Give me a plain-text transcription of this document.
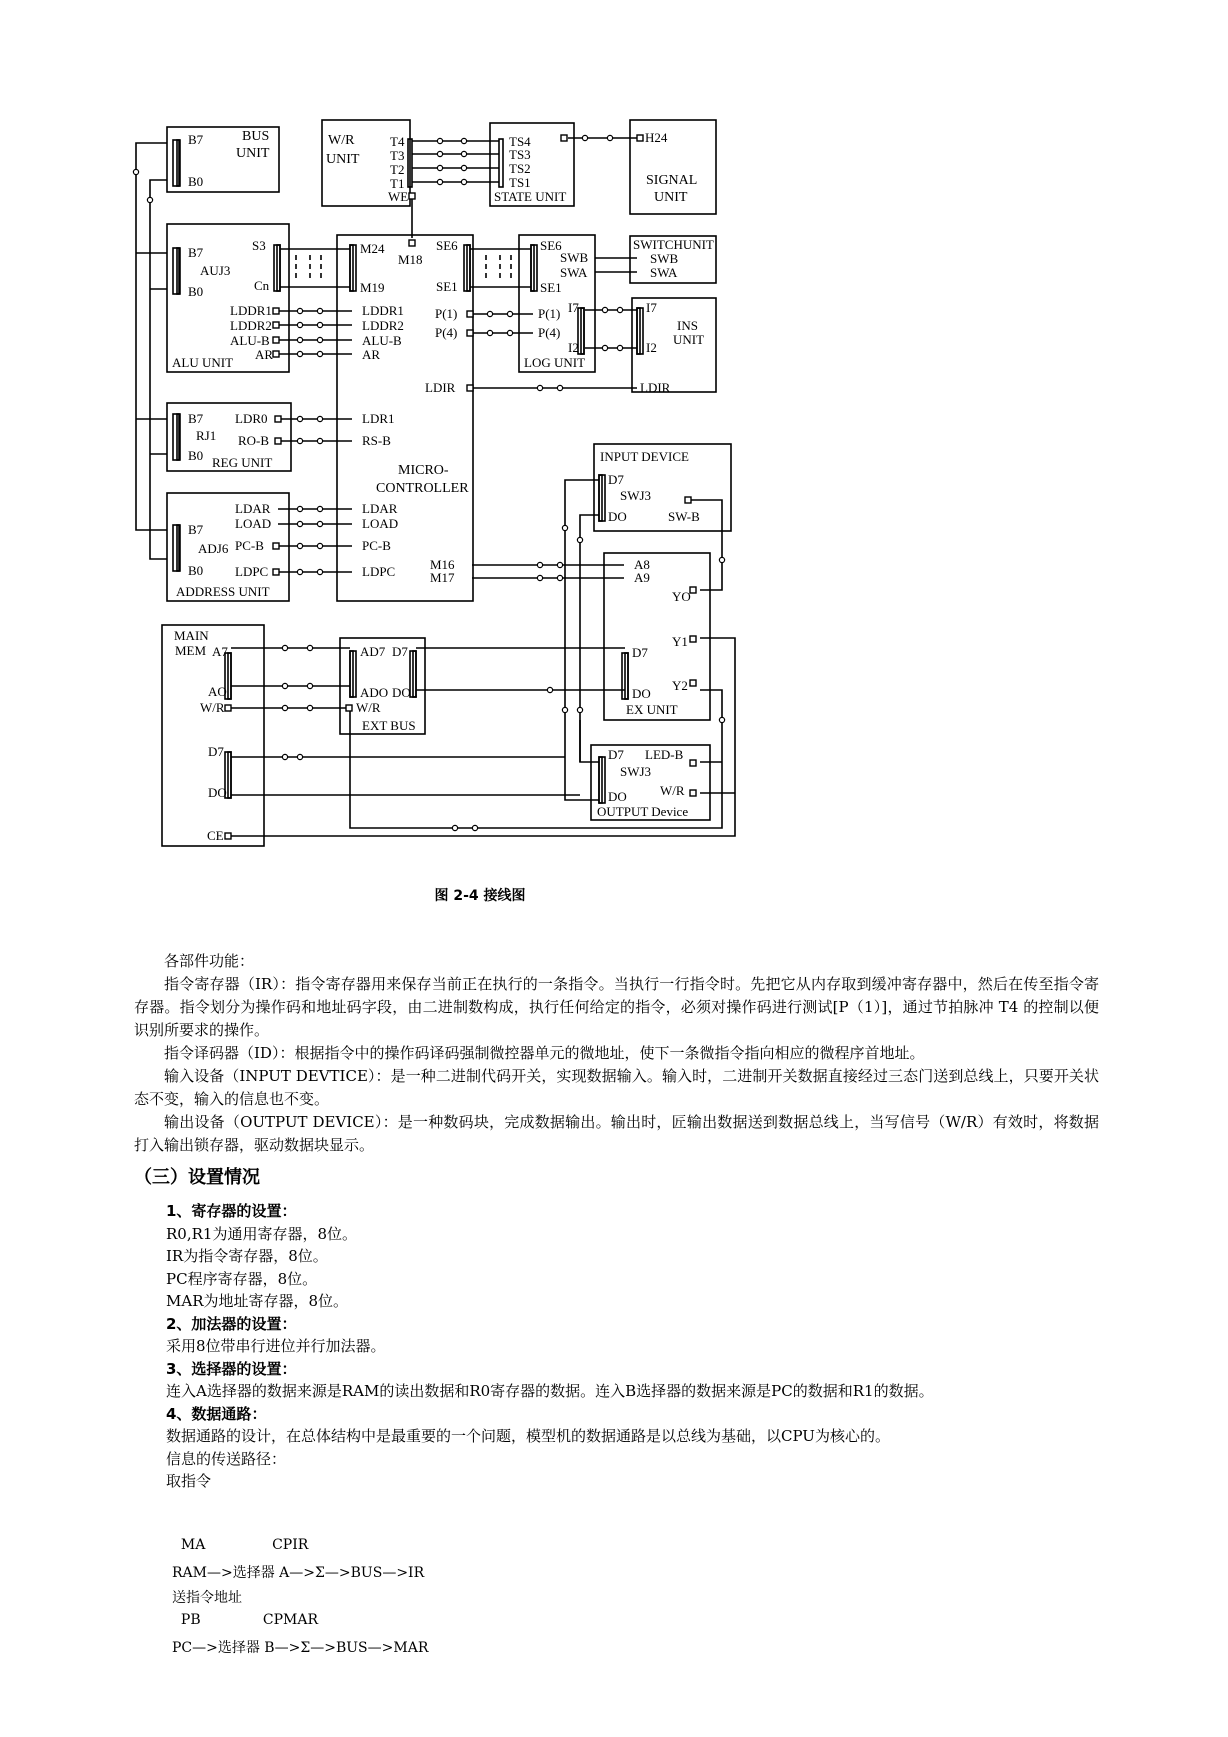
BUS
UNIT
W/R
UNIT
STATE UNIT
SIGNAL
UNIT
ALU UNIT
SWITCHUNIT
INS
UNIT
LOG UNIT
REG UNIT
MICRO-
CONTROLLER
INPUT DEVICE
ADDRESS UNIT
EX UNIT
MAIN
MEM
EXT BUS
OUTPUT Device
B7
B0
T4
T3
T2
T1
WE
TS4
TS3
TS2
TS1
H24
B7
AUJ3
B0
S3
Cn
M24
M19
M18
SE6
SE1
SE6
SE1
SWB
SWA
SWB
SWA
LDDR1
LDDR2
ALU-B
AR
LDDR1
LDDR2
ALU-B
AR
P(1)
P(4)
P(1)
P(4)
I7
I2
I7
I2
LDIR	LDIR
B7
RJ1
B0
LDR0
RO-B
LDR1
RS-B
D7
SWJ3
DO	SW-B
LDAR
LOAD
PC-B
LDPC
LDAR
LOAD
PC-B
LDPC
B7
ADJ6
B0	M16
M17
A8
A9
YO
Y1
Y2
D7
DO
A7
AO
W/R
AD7
ADO
D7
DO
W/R
D7
DO
CE
D7
SWJ3
DO
LED-B
W/R
图 2-4 接线图

各部件功能：

指令寄存器（IR）：指令寄存器用来保存当前正在执行的一条指令。当执行一行指令时。先把它从内存取到缓冲寄存器中，然后在传至指令寄存器。指令划分为操作码和地址码字段，由二进制数构成，执行任何给定的指令，必须对操作码进行测试[P（1）]，通过节拍脉冲 T4 的控制以便识别所要求的操作。

指令译码器（ID）：根据指令中的操作码译码强制微控器单元的微地址，使下一条微指令指向相应的微程序首地址。

输入设备（INPUT DEVTICE）：是一种二进制代码开关，实现数据输入。输入时，二进制开关数据直接经过三态门送到总线上，只要开关状态不变，输入的信息也不变。

输出设备（OUTPUT DEVICE）：是一种数码块，完成数据输出。输出时，匠输出数据送到数据总线上，当写信号（W/R）有效时，将数据打入输出锁存器，驱动数据块显示。

（三）设置情况
1、寄存器的设置：
R0,R1为通用寄存器，8位。
IR为指令寄存器，8位。
PC程序寄存器，8位。
MAR为地址寄存器，8位。
2、加法器的设置：
采用8位带串行进位并行加法器。
3、选择器的设置：
连入A选择器的数据来源是RAM的读出数据和R0寄存器的数据。连入B选择器的数据来源是PC的数据和R1的数据。
4、数据通路：
数据通路的设计，在总体结构中是最重要的一个问题，模型机的数据通路是以总线为基础，以CPU为核心的。
信息的传送路径：
取指令
MA               CPIR
RAM—>选择器 A—>Σ—>BUS—>IR
送指令地址
PB              CPMAR
PC—>选择器 B—>Σ—>BUS—>MAR
